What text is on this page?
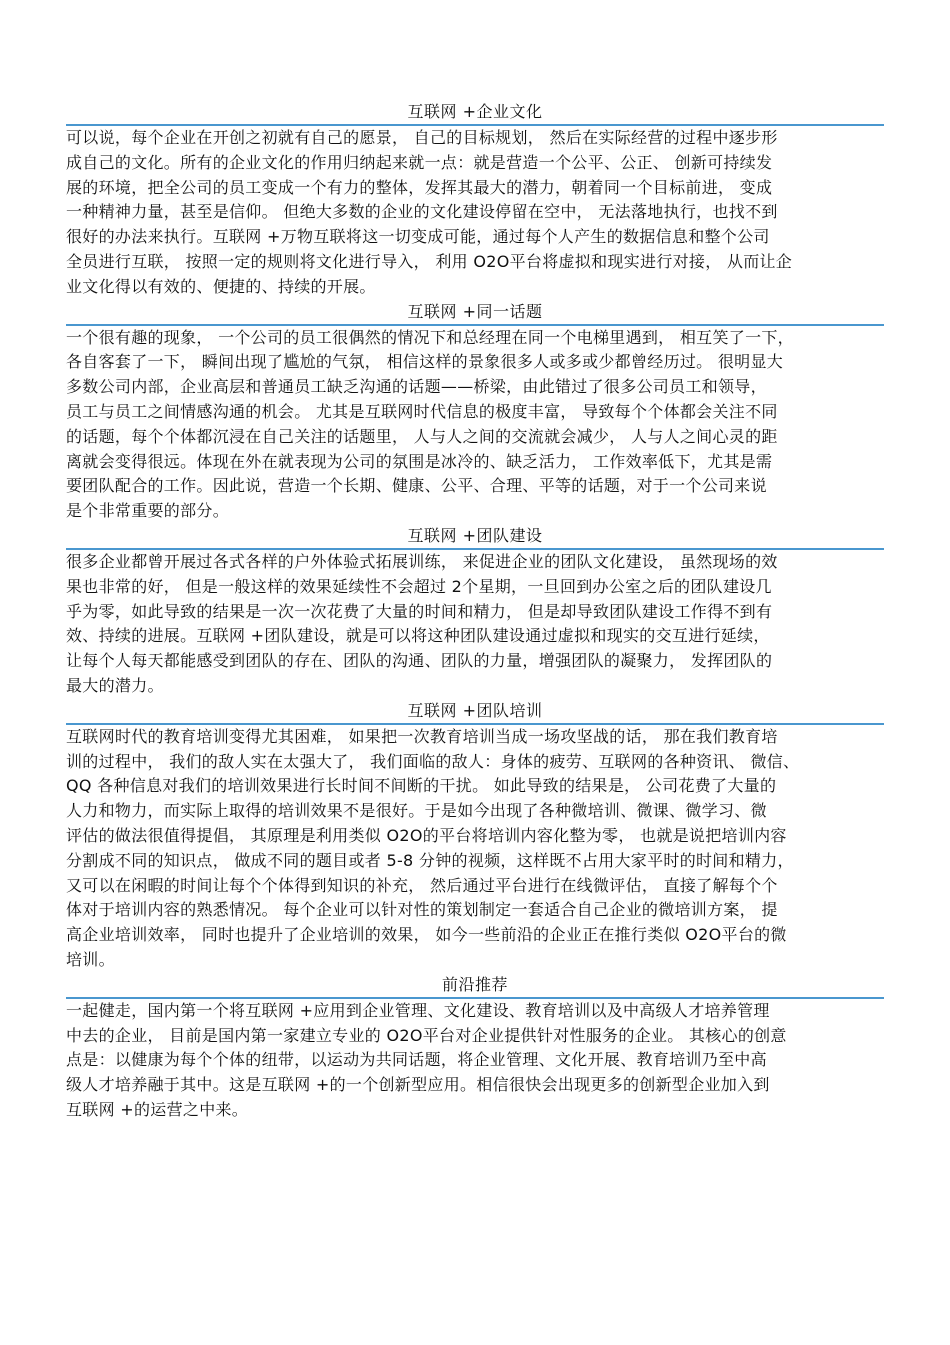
互联网 +企业文化
可以说，每个企业在开创之初就有自己的愿景， 自己的目标规划， 然后在实际经营的过程中逐步形
成自己的文化。所有的企业文化的作用归纳起来就一点：就是营造一个公平、公正、 创新可持续发
展的环境，把全公司的员工变成一个有力的整体，发挥其最大的潜力，朝着同一个目标前进， 变成
一种精神力量，甚至是信仰。 但绝大多数的企业的文化建设停留在空中， 无法落地执行，也找不到
很好的办法来执行。互联网 +万物互联将这一切变成可能，通过每个人产生的数据信息和整个公司
全员进行互联， 按照一定的规则将文化进行导入， 利用 O2O平台将虚拟和现实进行对接， 从而让企
业文化得以有效的、便捷的、持续的开展。
互联网 +同一话题
一个很有趣的现象， 一个公司的员工很偶然的情况下和总经理在同一个电梯里遇到， 相互笑了一下，
各自客套了一下， 瞬间出现了尴尬的气氛， 相信这样的景象很多人或多或少都曾经历过。 很明显大
多数公司内部，企业高层和普通员工缺乏沟通的话题——桥梁，由此错过了很多公司员工和领导，
员工与员工之间情感沟通的机会。 尤其是互联网时代信息的极度丰富， 导致每个个体都会关注不同
的话题，每个个体都沉浸在自己关注的话题里， 人与人之间的交流就会减少， 人与人之间心灵的距
离就会变得很远。体现在外在就表现为公司的氛围是冰冷的、缺乏活力， 工作效率低下，尤其是需
要团队配合的工作。因此说，营造一个长期、健康、公平、合理、平等的话题，对于一个公司来说
是个非常重要的部分。
互联网 +团队建设
很多企业都曾开展过各式各样的户外体验式拓展训练， 来促进企业的团队文化建设， 虽然现场的效
果也非常的好， 但是一般这样的效果延续性不会超过 2个星期，一旦回到办公室之后的团队建设几
乎为零，如此导致的结果是一次一次花费了大量的时间和精力， 但是却导致团队建设工作得不到有
效、持续的进展。互联网 +团队建设，就是可以将这种团队建设通过虚拟和现实的交互进行延续，
让每个人每天都能感受到团队的存在、团队的沟通、团队的力量，增强团队的凝聚力， 发挥团队的
最大的潜力。
互联网 +团队培训
互联网时代的教育培训变得尤其困难， 如果把一次教育培训当成一场攻坚战的话， 那在我们教育培
训的过程中， 我们的敌人实在太强大了， 我们面临的敌人：身体的疲劳、互联网的各种资讯、 微信、
QQ 各种信息对我们的培训效果进行长时间不间断的干扰。 如此导致的结果是， 公司花费了大量的
人力和物力，而实际上取得的培训效果不是很好。于是如今出现了各种微培训、微课、微学习、微
评估的做法很值得提倡， 其原理是利用类似 O2O的平台将培训内容化整为零， 也就是说把培训内容
分割成不同的知识点， 做成不同的题目或者 5-8 分钟的视频，这样既不占用大家平时的时间和精力，
又可以在闲暇的时间让每个个体得到知识的补充， 然后通过平台进行在线微评估， 直接了解每个个
体对于培训内容的熟悉情况。 每个企业可以针对性的策划制定一套适合自己企业的微培训方案， 提
高企业培训效率， 同时也提升了企业培训的效果， 如今一些前沿的企业正在推行类似 O2O平台的微
培训。
前沿推荐
一起健走，国内第一个将互联网 +应用到企业管理、文化建设、教育培训以及中高级人才培养管理
中去的企业， 目前是国内第一家建立专业的 O2O平台对企业提供针对性服务的企业。 其核心的创意
点是：以健康为每个个体的纽带，以运动为共同话题，将企业管理、文化开展、教育培训乃至中高
级人才培养融于其中。这是互联网 +的一个创新型应用。相信很快会出现更多的创新型企业加入到
互联网 +的运营之中来。
